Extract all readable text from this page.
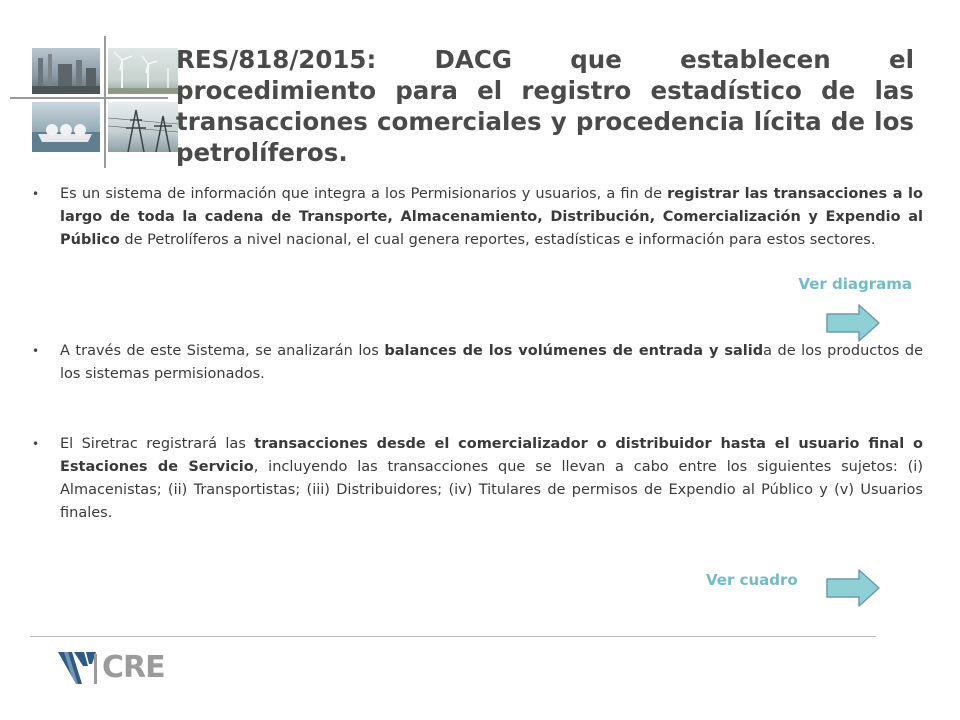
RES/818/2015: DACG que establecen el procedimiento para el registro estadístico de las transacciones comerciales y procedencia lícita de los petrolíferos.
• Es un sistema de información que integra a los Permisionarios y usuarios, a fin de registrar las transacciones a lo largo de toda la cadena de Transporte, Almacenamiento, Distribución, Comercialización y Expendio al Público de Petrolíferos a nivel nacional, el cual genera reportes, estadísticas e información para estos sectores.
• A través de este Sistema, se analizarán los balances de los volúmenes de entrada y salida de los productos de los sistemas permisionados.
• El Siretrac registrará las transacciones desde el comercializador o distribuidor hasta el usuario final o Estaciones de Servicio, incluyendo las transacciones que se llevan a cabo entre los siguientes sujetos: (i) Almacenistas; (ii) Transportistas; (iii) Distribuidores; (iv) Titulares de permisos de Expendio al Público y (v) Usuarios finales.
Ver diagrama
Ver cuadro
CRE
